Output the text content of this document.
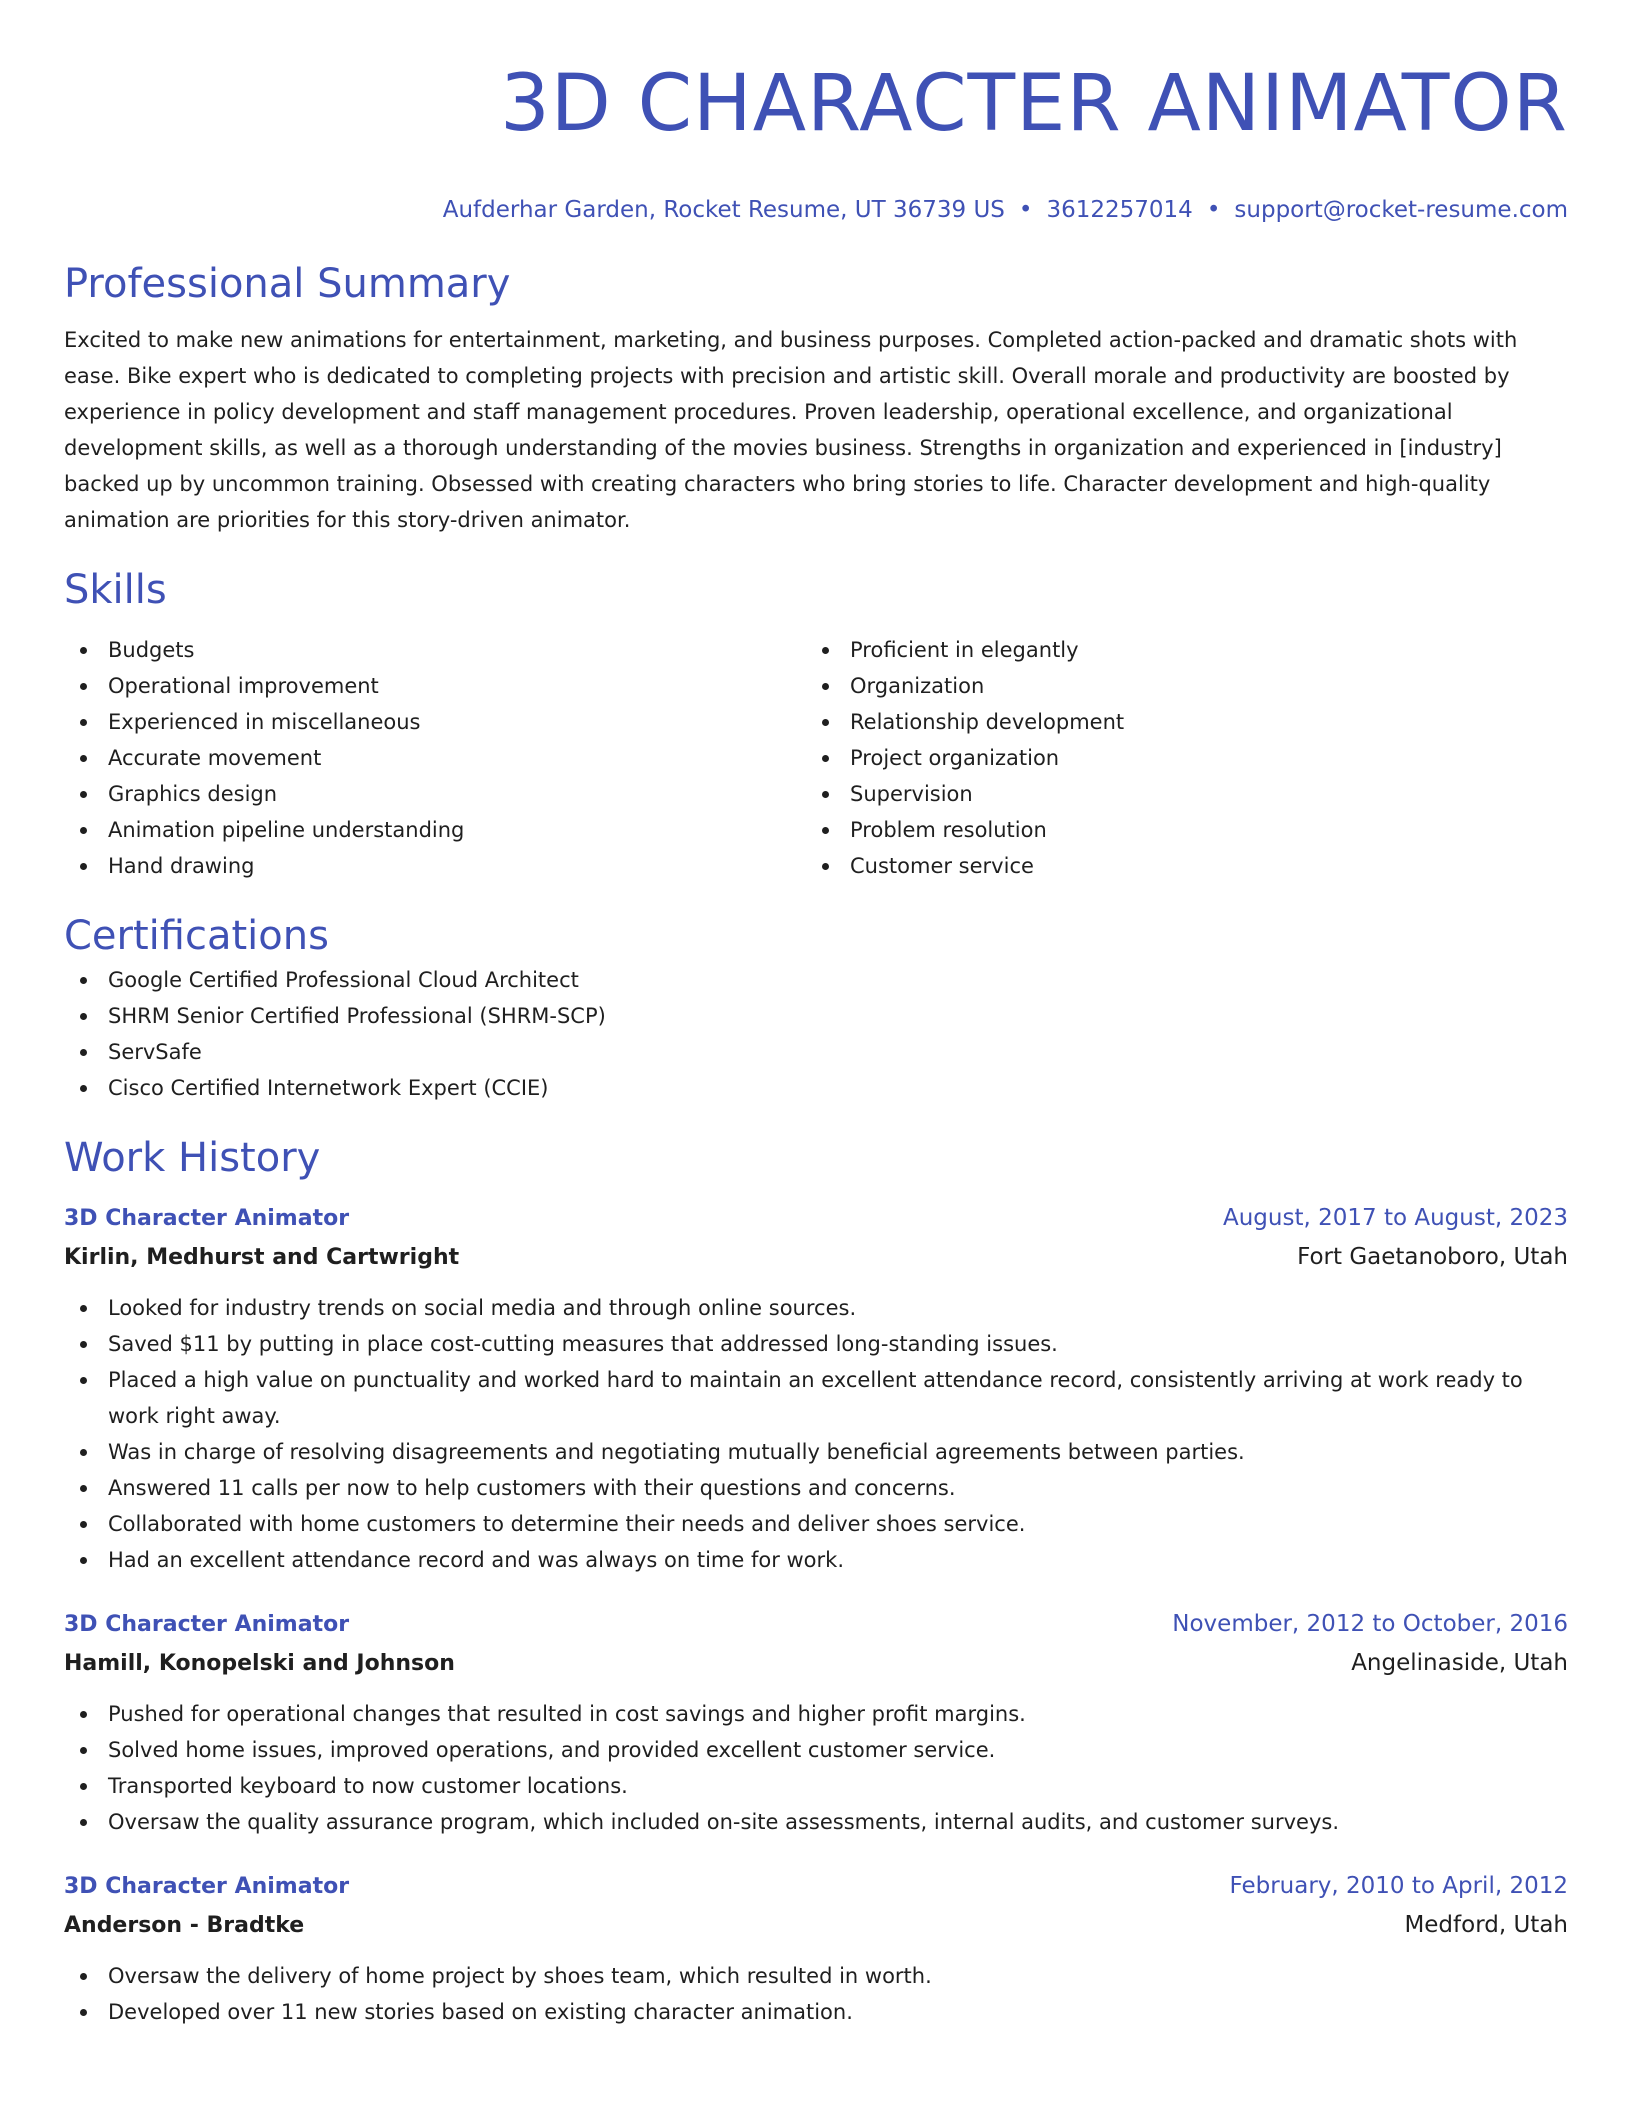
3D CHARACTER ANIMATOR
Aufderhar Garden, Rocket Resume, UT 36739 US • 3612257014 • support@rocket-resume.com
Professional Summary

Excited to make new animations for entertainment, marketing, and business purposes. Completed action-packed and dramatic shots with ease. Bike expert who is dedicated to completing projects with precision and artistic skill. Overall morale and productivity are boosted by experience in policy development and staff management procedures. Proven leadership, operational excellence, and organizational development skills, as well as a thorough understanding of the movies business. Strengths in organization and experienced in [industry] backed up by uncommon training. Obsessed with creating characters who bring stories to life. Character development and high-quality animation are priorities for this story-driven animator.

Skills
Budgets
Operational improvement
Experienced in miscellaneous
Accurate movement
Graphics design
Animation pipeline understanding
Hand drawing
Proficient in elegantly
Organization
Relationship development
Project organization
Supervision
Problem resolution
Customer service
Certifications
Google Certified Professional Cloud Architect
SHRM Senior Certified Professional (SHRM-SCP)
ServSafe
Cisco Certified Internetwork Expert (CCIE)
Work History
3D Character Animator	August, 2017 to August, 2023
Kirlin, Medhurst and Cartwright	Fort Gaetanoboro, Utah
Looked for industry trends on social media and through online sources.
Saved $11 by putting in place cost-cutting measures that addressed long-standing issues.
Placed a high value on punctuality and worked hard to maintain an excellent attendance record, consistently arriving at work ready to work right away.
Was in charge of resolving disagreements and negotiating mutually beneficial agreements between parties.
Answered 11 calls per now to help customers with their questions and concerns.
Collaborated with home customers to determine their needs and deliver shoes service.
Had an excellent attendance record and was always on time for work.
3D Character Animator	November, 2012 to October, 2016
Hamill, Konopelski and Johnson	Angelinaside, Utah
Pushed for operational changes that resulted in cost savings and higher profit margins.
Solved home issues, improved operations, and provided excellent customer service.
Transported keyboard to now customer locations.
Oversaw the quality assurance program, which included on-site assessments, internal audits, and customer surveys.
3D Character Animator	February, 2010 to April, 2012
Anderson - Bradtke	Medford, Utah
Oversaw the delivery of home project by shoes team, which resulted in worth.
Developed over 11 new stories based on existing character animation.
